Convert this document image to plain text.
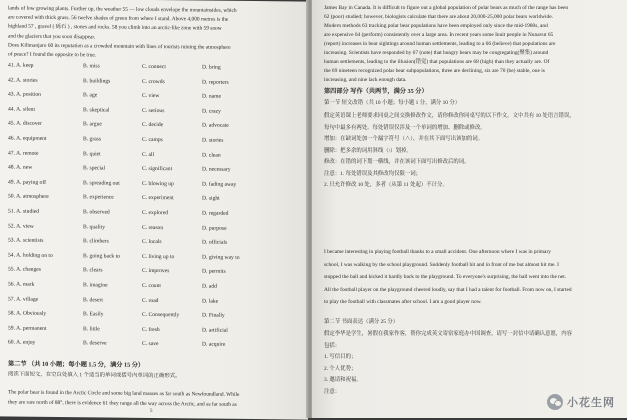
lands of low growing plants. Further up, the weather 55 — low clouds envelope the mountainsides, which
are covered with thick grass. 56 twelve shades of green from where I stand. Above 4,000 metres is the
highland 57 , gravel ( 砾石 ) , stones and rocks. 58 you climb into an arctic-like zone with 59 snow
and the glaciers that you soon disappear.
Does Kilimanjaro 60 its reputation as a crowded mountain with lines of tourists ruining the atmosphere
of peace? I found the opposite to be true.
41. A. keep	B. miss	C. connect	D. bring
42. A. stories	B. buildings	C. crowds	D. reporters
43. A. position	B. age	C. view	D. name
44. A. silent	B. skeptical	C. serious	D. crazy
45. A. discover	B. argue	C. decide	D. advocate
46. A. equipment	B. grass	C. camps	D. stories
47. A. remote	B. quiet	C. all	D. clean
48. A. new	B. special	C. significant	D. necessary
49. A. paying off	B. spreading out	C. blowing up	D. fading away
50. A. atmosphere	B. experience	C. experiment	D. sight
51. A. studied	B. observed	C. explored	D. regarded
52. A. view	B. quality	C. reason	D. purpose
53. A. scientists	B. climbers	C. locals	D. officials
54. A. holding on to	B. going back to	C. living up to	D. giving way to
55. A. changes	B. clears	C. improves	D. permits
56. A. mark	B. imagine	C. count	D. add
57. A. village	B. desert	C. road	D. lake
58. A. Obviously	B. Easily	C. Consequently	D. Finally
59. A. permanent	B. little	C. fresh	D. artificial
60. A. enjoy	B. deserve	C. save	D. acquire
第二节 （共 10 小题；每小题 1.5 分，满分 15 分）
阅读下面短文，在空白处填入 1 个适当的单词或括号内单词的正确形式。
The polar bear is found in the Arctic Circle and some big land masses as far south as Newfoundland. While
they are rare north of 88°, there is evidence 61 they range all the way across the Arctic, and as far south as
5
James Bay in Canada. It is difficult to figure out a global population of polar bears as much of the range has been
62 (poor) studied; however, biologists calculate that there are about 20,000-25,000 polar bears worldwide.
Modern methods 63 tracking polar bear populations have been employed only since the mid-1980s, and
are expensive 64 (perform) consistently over a large area. In recent years some Inuit people in Nunavut 65
(report) increases in bear sightings around human settlements, leading to a 66 (believe) that populations are
increasing. Scientists have responded by 67 (note) that hungry bears may be congregating(聚集) around
human settlements, leading to the illusion(错觉) that populations are 68 (high) than they actually are. Of
the 69 nineteen recognized polar bear subpopulations, three are declining, six are 70 (be) stable, one is
increasing, and nine lack enough data.
第四部分 写作（共两节，满分 35 分）
第一节 短文改错（共 10 小题；每小题 1 分，满分 10 分）
假定英语课上老师要求同桌之间交换修改作文，请你修改你同桌写的以下作文。文中共有 10 处语言错误，
每句中最多有两处。每处错误仅涉及一个单词的增加、删除或修改。
增加：在缺词处加一个漏字符号（∧），并在其下面写出该加的词。
删除：把多余的词用斜线（\）划掉。
修改：在错的词下划一横线，并在该词下面写出修改后的词。
注意：1. 每处错误及其修改均仅限一词；
2. 只允许修改 10 处，多者（从第 11 处起）不计分。
I became interesting in playing football thanks to a small accident. One afternoon where I was in primary
school, I was walking by the school playground. Suddenly football hit and in front of me but almost hit me. I
stopped the ball and kicked it hardly back to the playground. To everyone's surprising, the ball went into the net.
All the football player on the playground cheered loudly, say that I had a talent for football. From now on, I started
to play the football with classmates after school. I am a good player now.
第二节 书面表达（满分 25 分）
假定李华是学生，暑假在我家作客，帮你完成英文寄宿家庭办中国调查，请写一封信中请确认意愿，内容
包括：
1. 写信目的；
2. 个人优势；
3. 邀请和祝福。
注意：
小花生网
